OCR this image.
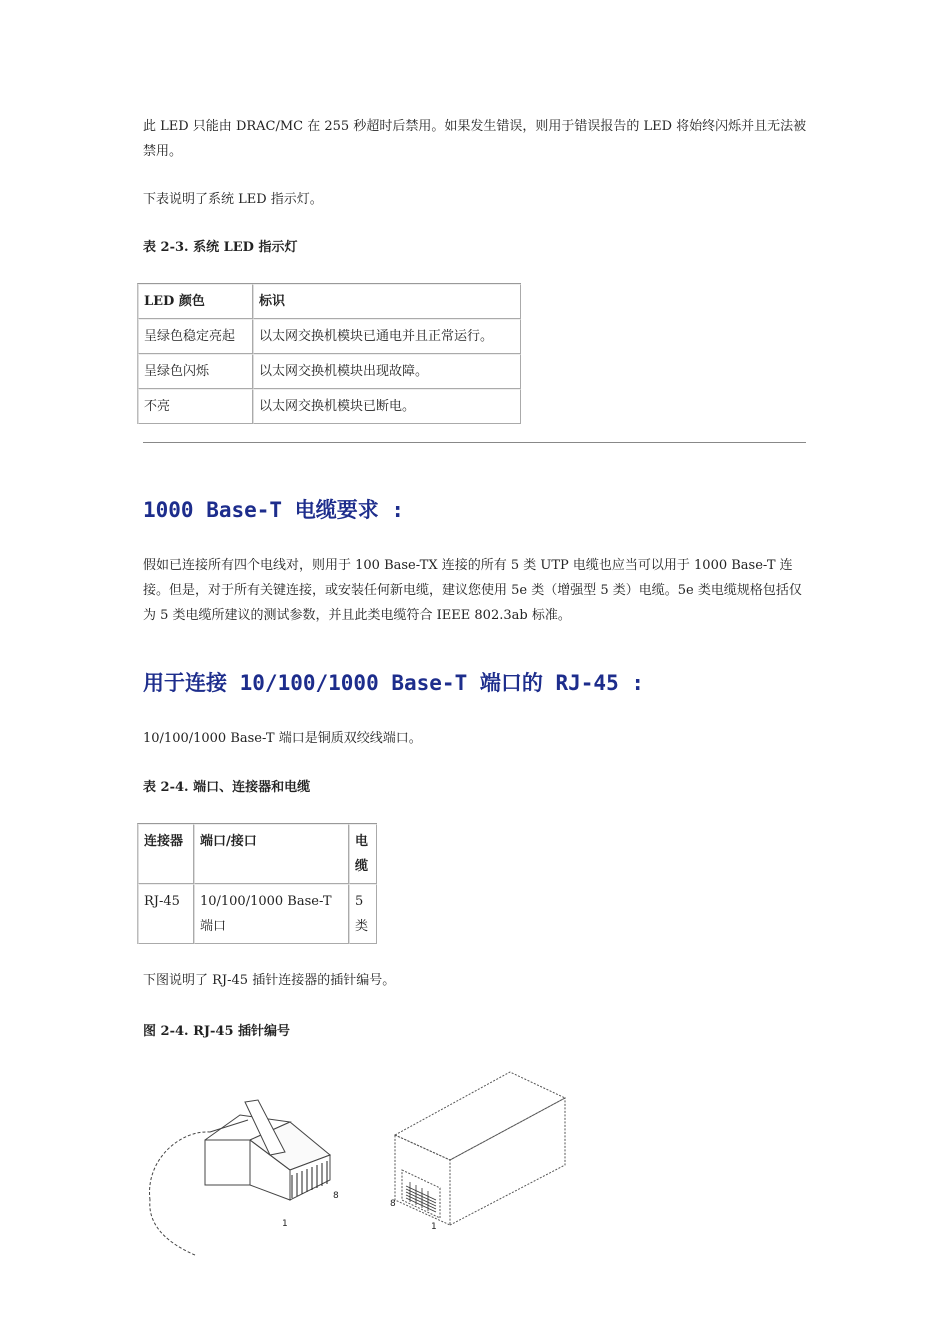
此 LED 只能由 DRAC/MC 在 255 秒超时后禁用。如果发生错误，则用于错误报告的 LED 将始终闪烁并且无法被禁用。

下表说明了系统 LED 指示灯。

表 2-3. 系统 LED 指示灯

LED 颜色	标识
呈绿色稳定亮起	以太网交换机模块已通电并且正常运行。
呈绿色闪烁	以太网交换机模块出现故障。
不亮	以太网交换机模块已断电。
1000 Base-T 电缆要求 :

假如已连接所有四个电线对，则用于 100 Base-TX 连接的所有 5 类 UTP 电缆也应当可以用于 1000 Base-T 连接。但是，对于所有关键连接，或安装任何新电缆，建议您使用 5e 类（增强型 5 类）电缆。5e 类电缆规格包括仅为 5 类电缆所建议的测试参数，并且此类电缆符合 IEEE 802.3ab 标准。

用于连接 10/100/1000 Base-T 端口的 RJ-45 :

10/100/1000 Base-T 端口是铜质双绞线端口。

表 2-4. 端口、连接器和电缆

连接器	端口/接口	电缆
RJ-45	10/100/1000 Base-T 端口	5 类

下图说明了 RJ-45 插针连接器的插针编号。

图 2-4. RJ-45 插针编号

1
8
8
1
